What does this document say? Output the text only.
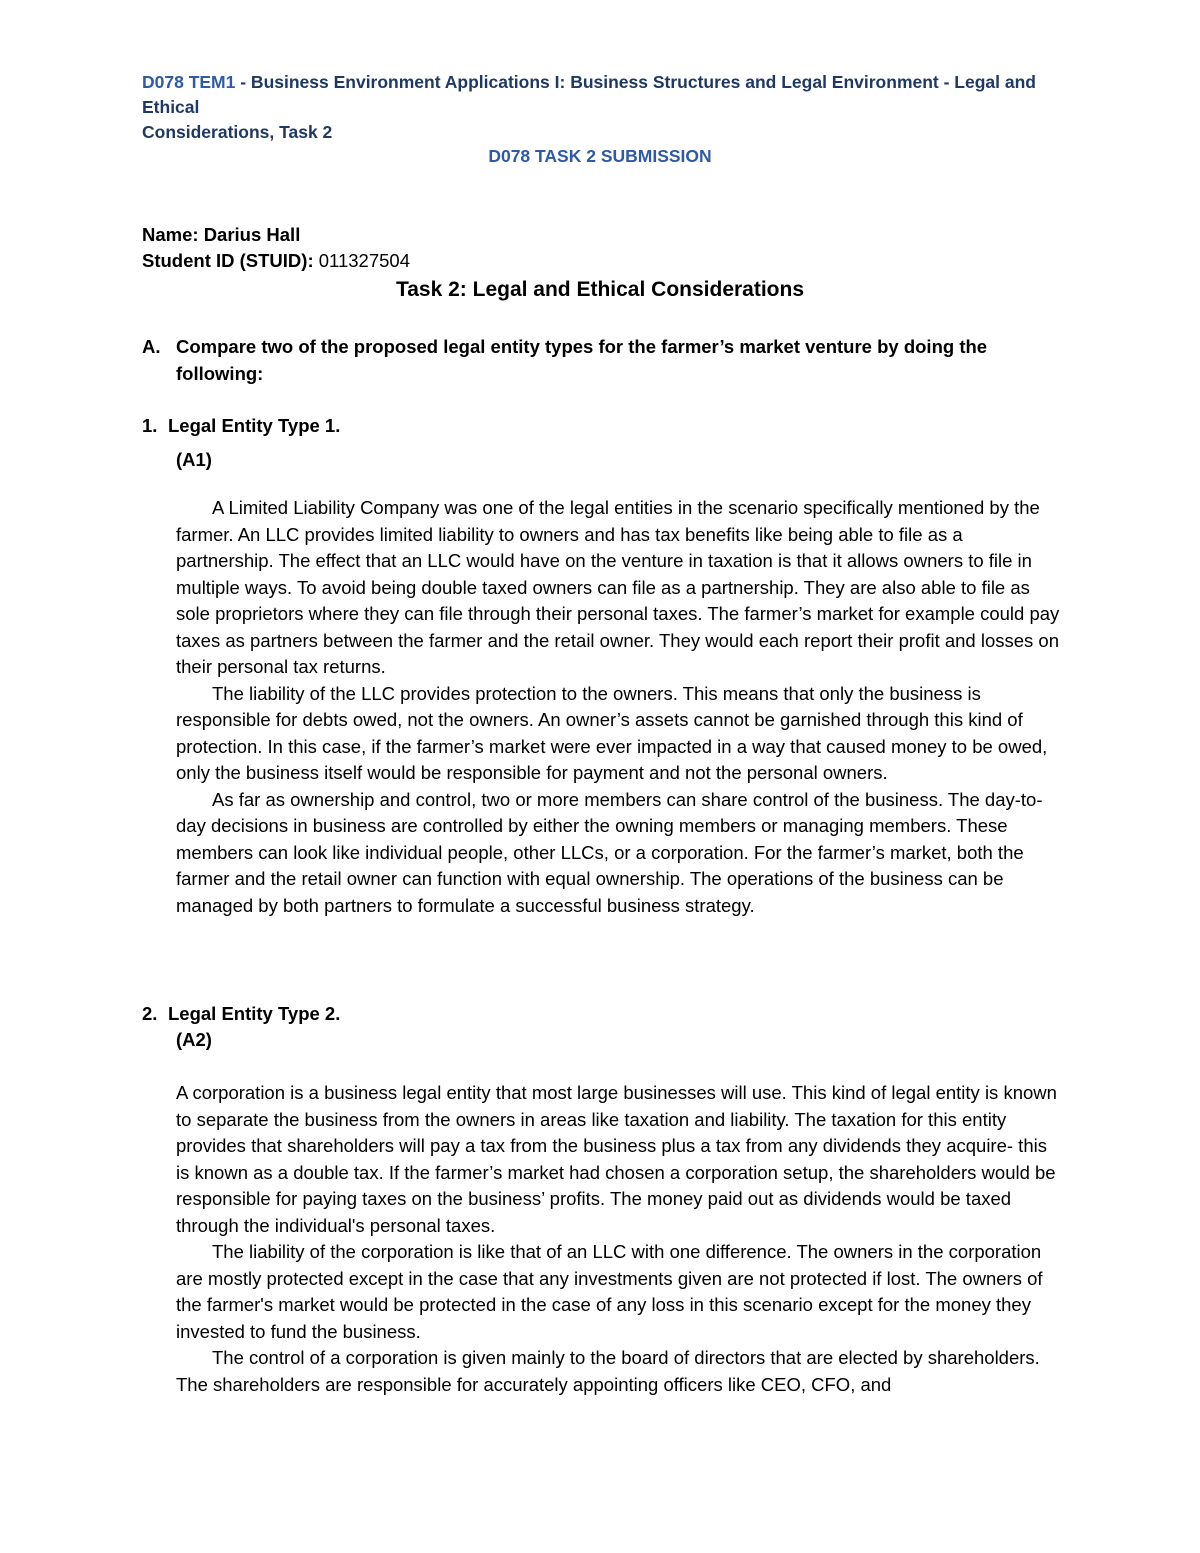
D078 TEM1 - Business Environment Applications I: Business Structures and Legal Environment - Legal and Ethical
Considerations, Task 2
D078 TASK 2 SUBMISSION
Name: Darius Hall
Student ID (STUID): 011327504
Task 2: Legal and Ethical Considerations
A. Compare two of the proposed legal entity types for the farmer’s market venture by doing the following:
1. Legal Entity Type 1.
(A1)

A Limited Liability Company was one of the legal entities in the scenario specifically mentioned by the farmer. An LLC provides limited liability to owners and has tax benefits like being able to file as a partnership. The effect that an LLC would have on the venture in taxation is that it allows owners to file in multiple ways. To avoid being double taxed owners can file as a partnership. They are also able to file as sole proprietors where they can file through their personal taxes. The farmer’s market for example could pay taxes as partners between the farmer and the retail owner. They would each report their profit and losses on their personal tax returns.

The liability of the LLC provides protection to the owners. This means that only the business is responsible for debts owed, not the owners. An owner’s assets cannot be garnished through this kind of protection. In this case, if the farmer’s market were ever impacted in a way that caused money to be owed, only the business itself would be responsible for payment and not the personal owners.

As far as ownership and control, two or more members can share control of the business. The day-to-day decisions in business are controlled by either the owning members or managing members. These members can look like individual people, other LLCs, or a corporation. For the farmer’s market, both the farmer and the retail owner can function with equal ownership. The operations of the business can be managed by both partners to formulate a successful business strategy.

2. Legal Entity Type 2.
(A2)

A corporation is a business legal entity that most large businesses will use. This kind of legal entity is known to separate the business from the owners in areas like taxation and liability. The taxation for this entity provides that shareholders will pay a tax from the business plus a tax from any dividends they acquire- this is known as a double tax. If the farmer’s market had chosen a corporation setup, the shareholders would be responsible for paying taxes on the business’ profits. The money paid out as dividends would be taxed through the individual's personal taxes.

The liability of the corporation is like that of an LLC with one difference. The owners in the corporation are mostly protected except in the case that any investments given are not protected if lost. The owners of the farmer's market would be protected in the case of any loss in this scenario except for the money they invested to fund the business.

The control of a corporation is given mainly to the board of directors that are elected by shareholders. The shareholders are responsible for accurately appointing officers like CEO, CFO, and
